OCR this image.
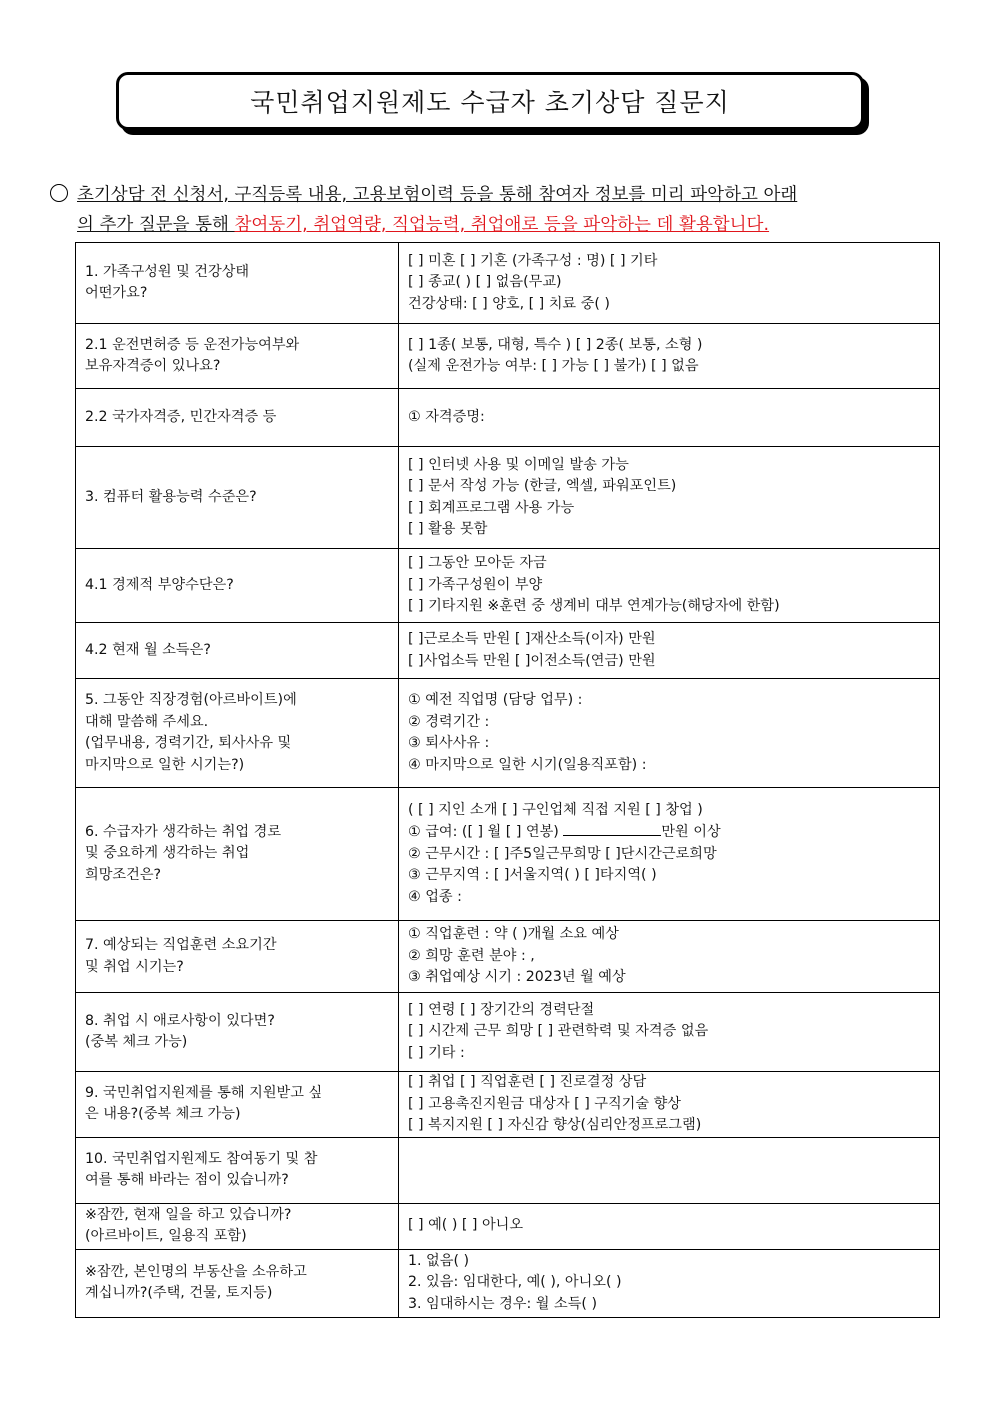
국민취업지원제도 수급자 초기상담 질문지
초기상담 전 신청서, 구직등록 내용, 고용보험이력 등을 통해 참여자 정보를 미리 파악하고 아래
의 추가 질문을 통해 참여동기, 취업역량, 직업능력, 취업애로 등을 파악하는 데 활용합니다.
1. 가족구성원 및 건강상태
어떤가요?	[ ] 미혼 [ ] 기혼 (가족구성 : 명) [ ] 기타
[ ] 종교( ) [ ] 없음(무교)
건강상태: [ ] 양호, [ ] 치료 중( )

2.1 운전면허증 등 운전가능여부와
보유자격증이 있나요?	[ ] 1종( 보통, 대형, 특수 ) [ ] 2종( 보통, 소형 )
(실제 운전가능 여부: [ ] 가능 [ ] 불가) [ ] 없음

2.2 국가자격증, 민간자격증 등	① 자격증명:

3. 컴퓨터 활용능력 수준은?	[ ] 인터넷 사용 및 이메일 발송 가능
[ ] 문서 작성 가능 (한글, 엑셀, 파워포인트)
[ ] 회계프로그램 사용 가능
[ ] 활용 못함

4.1 경제적 부양수단은?	[ ] 그동안 모아둔 자금
[ ] 가족구성원이 부양
[ ] 기타지원 ※훈련 중 생계비 대부 연계가능(해당자에 한함)

4.2 현재 월 소득은?	[ ]근로소득 만원 [ ]재산소득(이자) 만원
[ ]사업소득 만원 [ ]이전소득(연금) 만원

5. 그동안 직장경험(아르바이트)에
대해 말씀해 주세요.
(업무내용, 경력기간, 퇴사사유 및
마지막으로 일한 시기는?)	① 예전 직업명 (담당 업무) :
② 경력기간 :
③ 퇴사사유 :
④ 마지막으로 일한 시기(일용직포함) :

6. 수급자가 생각하는 취업 경로
및 중요하게 생각하는 취업
희망조건은?	( [ ] 지인 소개 [ ] 구인업체 직접 지원 [ ] 창업 )
① 급여: ([ ] 월 [ ] 연봉) 만원 이상
② 근무시간 : [ ]주5일근무희망 [ ]단시간근로희망
③ 근무지역 : [ ]서울지역( ) [ ]타지역( )
④ 업종 :

7. 예상되는 직업훈련 소요기간
및 취업 시기는?	① 직업훈련 : 약 ( )개월 소요 예상
② 희망 훈련 분야 : ,
③ 취업예상 시기 : 2023년 월 예상

8. 취업 시 애로사항이 있다면?
(중복 체크 가능)	[ ] 연령 [ ] 장기간의 경력단절
[ ] 시간제 근무 희망 [ ] 관련학력 및 자격증 없음
[ ] 기타 :

9. 국민취업지원제를 통해 지원받고 싶
은 내용?(중복 체크 가능)	[ ] 취업 [ ] 직업훈련 [ ] 진로결정 상담
[ ] 고용촉진지원금 대상자 [ ] 구직기술 향상
[ ] 복지지원 [ ] 자신감 향상(심리안정프로그램)

10. 국민취업지원제도 참여동기 및 참
여를 통해 바라는 점이 있습니까?	

※잠깐, 현재 일을 하고 있습니까?
(아르바이트, 일용직 포함)	[ ] 예( ) [ ] 아니오

※잠깐, 본인명의 부동산을 소유하고
계십니까?(주택, 건물, 토지등)	1. 없음( )
2. 있음: 임대한다, 예( ), 아니오( )
3. 임대하시는 경우: 월 소득( )
